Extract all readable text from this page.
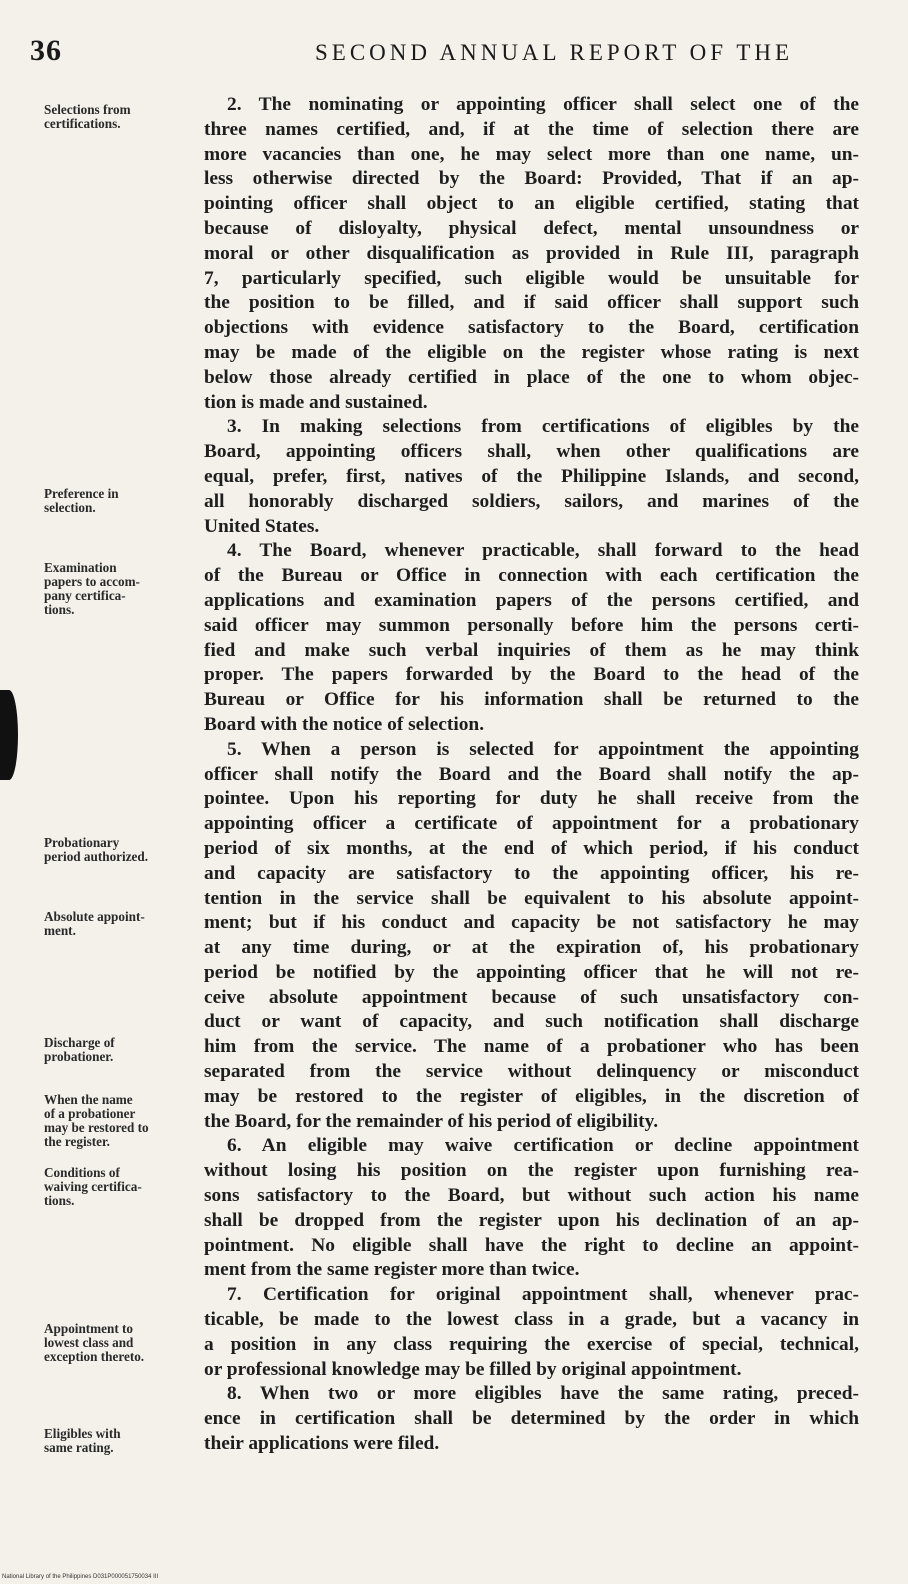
36	SECOND ANNUAL REPORT OF THE
Selections from
certifications.
Preference in
selection.
Examination
papers to accom-
pany certifica-
tions.
Probationary
period authorized.
Absolute appoint-
ment.
Discharge of
probationer.
When the name
of a probationer
may be restored to
the register.
Conditions of
waiving certifica-
tions.
Appointment to
lowest class and
exception thereto.
Eligibles with
same rating.
2. The nominating or appointing officer shall select one of the
three names certified, and, if at the time of selection there are
more vacancies than one, he may select more than one name, un-
less otherwise directed by the Board: Provided, That if an ap-
pointing officer shall object to an eligible certified, stating that
because of disloyalty, physical defect, mental unsoundness or
moral or other disqualification as provided in Rule III, paragraph
7, particularly specified, such eligible would be unsuitable for
the position to be filled, and if said officer shall support such
objections with evidence satisfactory to the Board, certification
may be made of the eligible on the register whose rating is next
below those already certified in place of the one to whom objec-
tion is made and sustained.
3. In making selections from certifications of eligibles by the
Board, appointing officers shall, when other qualifications are
equal, prefer, first, natives of the Philippine Islands, and second,
all honorably discharged soldiers, sailors, and marines of the
United States.
4. The Board, whenever practicable, shall forward to the head
of the Bureau or Office in connection with each certification the
applications and examination papers of the persons certified, and
said officer may summon personally before him the persons certi-
fied and make such verbal inquiries of them as he may think
proper. The papers forwarded by the Board to the head of the
Bureau or Office for his information shall be returned to the
Board with the notice of selection.
5. When a person is selected for appointment the appointing
officer shall notify the Board and the Board shall notify the ap-
pointee. Upon his reporting for duty he shall receive from the
appointing officer a certificate of appointment for a probationary
period of six months, at the end of which period, if his conduct
and capacity are satisfactory to the appointing officer, his re-
tention in the service shall be equivalent to his absolute appoint-
ment; but if his conduct and capacity be not satisfactory he may
at any time during, or at the expiration of, his probationary
period be notified by the appointing officer that he will not re-
ceive absolute appointment because of such unsatisfactory con-
duct or want of capacity, and such notification shall discharge
him from the service. The name of a probationer who has been
separated from the service without delinquency or misconduct
may be restored to the register of eligibles, in the discretion of
the Board, for the remainder of his period of eligibility.
6. An eligible may waive certification or decline appointment
without losing his position on the register upon furnishing rea-
sons satisfactory to the Board, but without such action his name
shall be dropped from the register upon his declination of an ap-
pointment. No eligible shall have the right to decline an appoint-
ment from the same register more than twice.
7. Certification for original appointment shall, whenever prac-
ticable, be made to the lowest class in a grade, but a vacancy in
a position in any class requiring the exercise of special, technical,
or professional knowledge may be filled by original appointment.
8. When two or more eligibles have the same rating, preced-
ence in certification shall be determined by the order in which
their applications were filed.
National Library of the Philippines D031P000051750034 III
